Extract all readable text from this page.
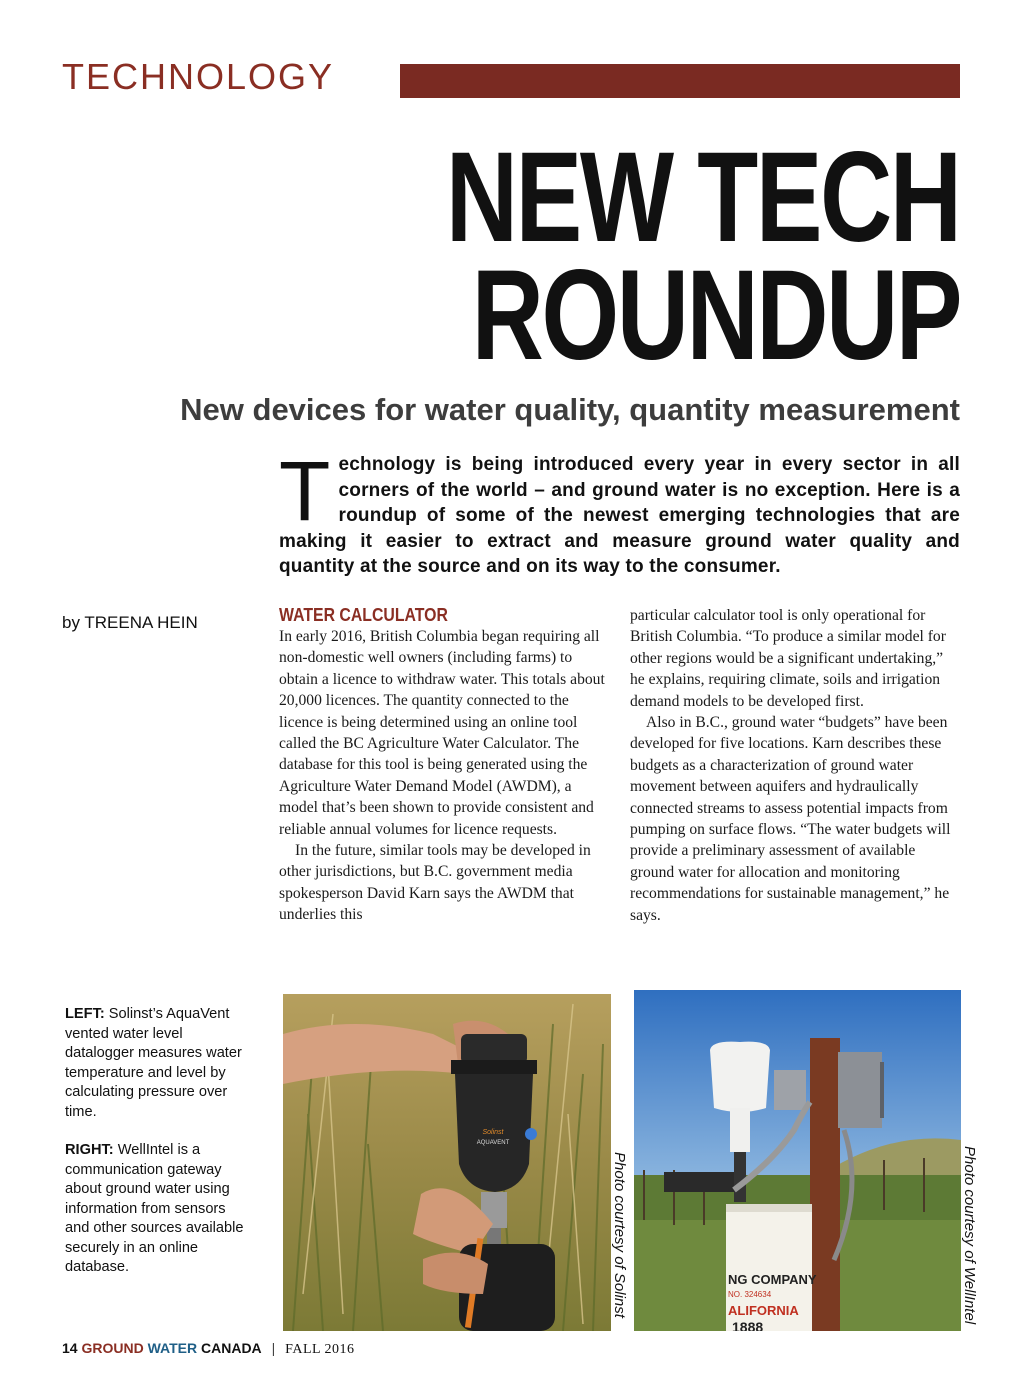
TECHNOLOGY
NEW TECH
ROUNDUP
New devices for water quality, quantity measurement
Technology is being introduced every year in every sector in all corners of the world – and ground water is no exception. Here is a roundup of some of the newest emerging technologies that are making it easier to extract and measure ground water quality and quantity at the source and on its way to the consumer.
by TREENA HEIN	WATER CALCULATOR
In early 2016, British Columbia began requiring all non-domestic well owners (including farms) to obtain a licence to withdraw water. This totals about 20,000 licences. The quantity connected to the licence is being determined using an online tool called the BC Agriculture Water Calculator. The database for this tool is being generated using the Agriculture Water Demand Model (AWDM), a model that’s been shown to provide consistent and reliable annual volumes for licence requests.
In the future, similar tools may be developed in other jurisdictions, but B.C. government media spokesperson David Karn says the AWDM that underlies this
particular calculator tool is only operational for British Columbia. “To produce a similar model for other regions would be a significant undertaking,” he explains, requiring climate, soils and irrigation demand models to be developed first.
Also in B.C., ground water “budgets” have been developed for five locations. Karn describes these budgets as a characterization of ground water movement between aquifers and hydraulically connected streams to assess potential impacts from pumping on surface flows. “The water budgets will provide a preliminary assessment of available ground water for allocation and monitoring recommendations for sustainable management,” he says.
LEFT: Solinst’s AquaVent vented water level datalogger measures water temperature and level by calculating pressure over time.
RIGHT: WellIntel is a communication gateway about ground water using information from sensors and other sources available securely in an online database.
Solinst
AQUAVENT
NG COMPANY
NO. 324634
ALIFORNIA
1888
Photo courtesy of Solinst	Photo courtesy of WellIntel
14 GROUND WATER CANADA | FALL 2016
